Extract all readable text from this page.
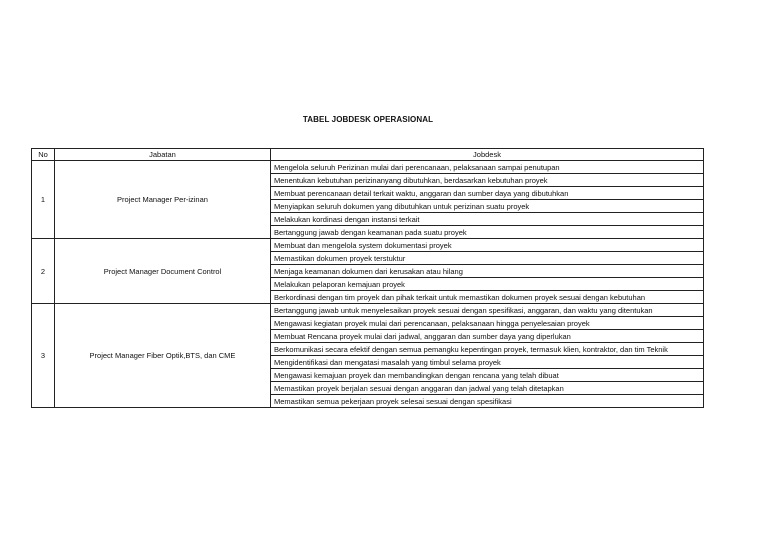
TABEL JOBDESK OPERASIONAL
No	Jabatan	Jobdesk
1	Project Manager Per-izinan	Mengelola seluruh Perizinan mulai dari perencanaan, pelaksanaan sampai penutupan
		Menentukan kebutuhan perizinanyang dibutuhkan, berdasarkan kebutuhan proyek
		Membuat perencanaan detail terkait waktu, anggaran dan sumber daya yang dibutuhkan
		Menyiapkan seluruh dokumen yang dibutuhkan untuk perizinan suatu proyek
		Melakukan kordinasi dengan instansi terkait
		Bertanggung jawab dengan keamanan pada suatu proyek
2	Project Manager Document Control	Membuat dan mengelola system dokumentasi proyek
		Memastikan dokumen proyek terstuktur
		Menjaga keamanan dokumen dari kerusakan atau hilang
		Melakukan pelaporan kemajuan proyek
		Berkordinasi dengan tim proyek dan pihak terkait untuk memastikan dokumen proyek sesuai dengan kebutuhan
3	Project Manager Fiber Optik,BTS, dan CME	Bertanggung jawab untuk menyelesaikan proyek sesuai dengan spesifikasi, anggaran, dan waktu yang ditentukan
		Mengawasi kegiatan proyek mulai dari perencanaan, pelaksanaan hingga penyelesaian proyek
		Membuat Rencana proyek mulai dari jadwal, anggaran dan sumber daya yang diperlukan
		Berkomunikasi secara efektif dengan semua pemangku kepentingan proyek, termasuk klien, kontraktor, dan tim Teknik
		Mengidentifikasi dan mengatasi masalah yang timbul selama proyek
		Mengawasi kemajuan proyek dan membandingkan dengan rencana yang telah dibuat
		Memastikan proyek berjalan sesuai dengan anggaran dan jadwal yang telah ditetapkan
		Memastikan semua pekerjaan proyek selesai sesuai dengan spesifikasi
